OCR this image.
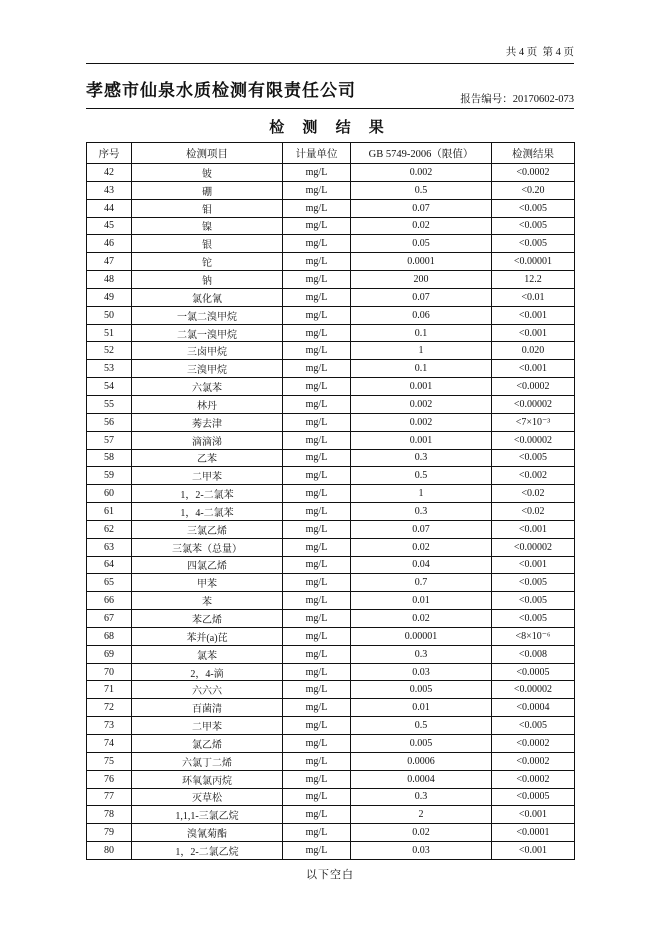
共 4 页  第 4 页
孝感市仙泉水质检测有限责任公司	报告编号：20170602-073
检 测 结 果
序号	检测项目	计量单位	GB 5749-2006（限值）	检测结果
42	铍	mg/L	0.002	<0.0002
43	硼	mg/L	0.5	<0.20
44	钼	mg/L	0.07	<0.005
45	镍	mg/L	0.02	<0.005
46	银	mg/L	0.05	<0.005
47	铊	mg/L	0.0001	<0.00001
48	钠	mg/L	200	12.2
49	氯化氰	mg/L	0.07	<0.01
50	一氯二溴甲烷	mg/L	0.06	<0.001
51	二氯一溴甲烷	mg/L	0.1	<0.001
52	三卤甲烷	mg/L	1	0.020
53	三溴甲烷	mg/L	0.1	<0.001
54	六氯苯	mg/L	0.001	<0.0002
55	林丹	mg/L	0.002	<0.00002
56	莠去津	mg/L	0.002	<7×10⁻³
57	滴滴涕	mg/L	0.001	<0.00002
58	乙苯	mg/L	0.3	<0.005
59	二甲苯	mg/L	0.5	<0.002
60	1，2-二氯苯	mg/L	1	<0.02
61	1，4-二氯苯	mg/L	0.3	<0.02
62	三氯乙烯	mg/L	0.07	<0.001
63	三氯苯（总量）	mg/L	0.02	<0.00002
64	四氯乙烯	mg/L	0.04	<0.001
65	甲苯	mg/L	0.7	<0.005
66	苯	mg/L	0.01	<0.005
67	苯乙烯	mg/L	0.02	<0.005
68	苯并(a)芘	mg/L	0.00001	<8×10⁻⁶
69	氯苯	mg/L	0.3	<0.008
70	2，4-滴	mg/L	0.03	<0.0005
71	六六六	mg/L	0.005	<0.00002
72	百菌清	mg/L	0.01	<0.0004
73	二甲苯	mg/L	0.5	<0.005
74	氯乙烯	mg/L	0.005	<0.0002
75	六氯丁二烯	mg/L	0.0006	<0.0002
76	环氧氯丙烷	mg/L	0.0004	<0.0002
77	灭草松	mg/L	0.3	<0.0005
78	1,1,1-三氯乙烷	mg/L	2	<0.001
79	溴氰菊酯	mg/L	0.02	<0.0001
80	1，2-二氯乙烷	mg/L	0.03	<0.001
以下空白
